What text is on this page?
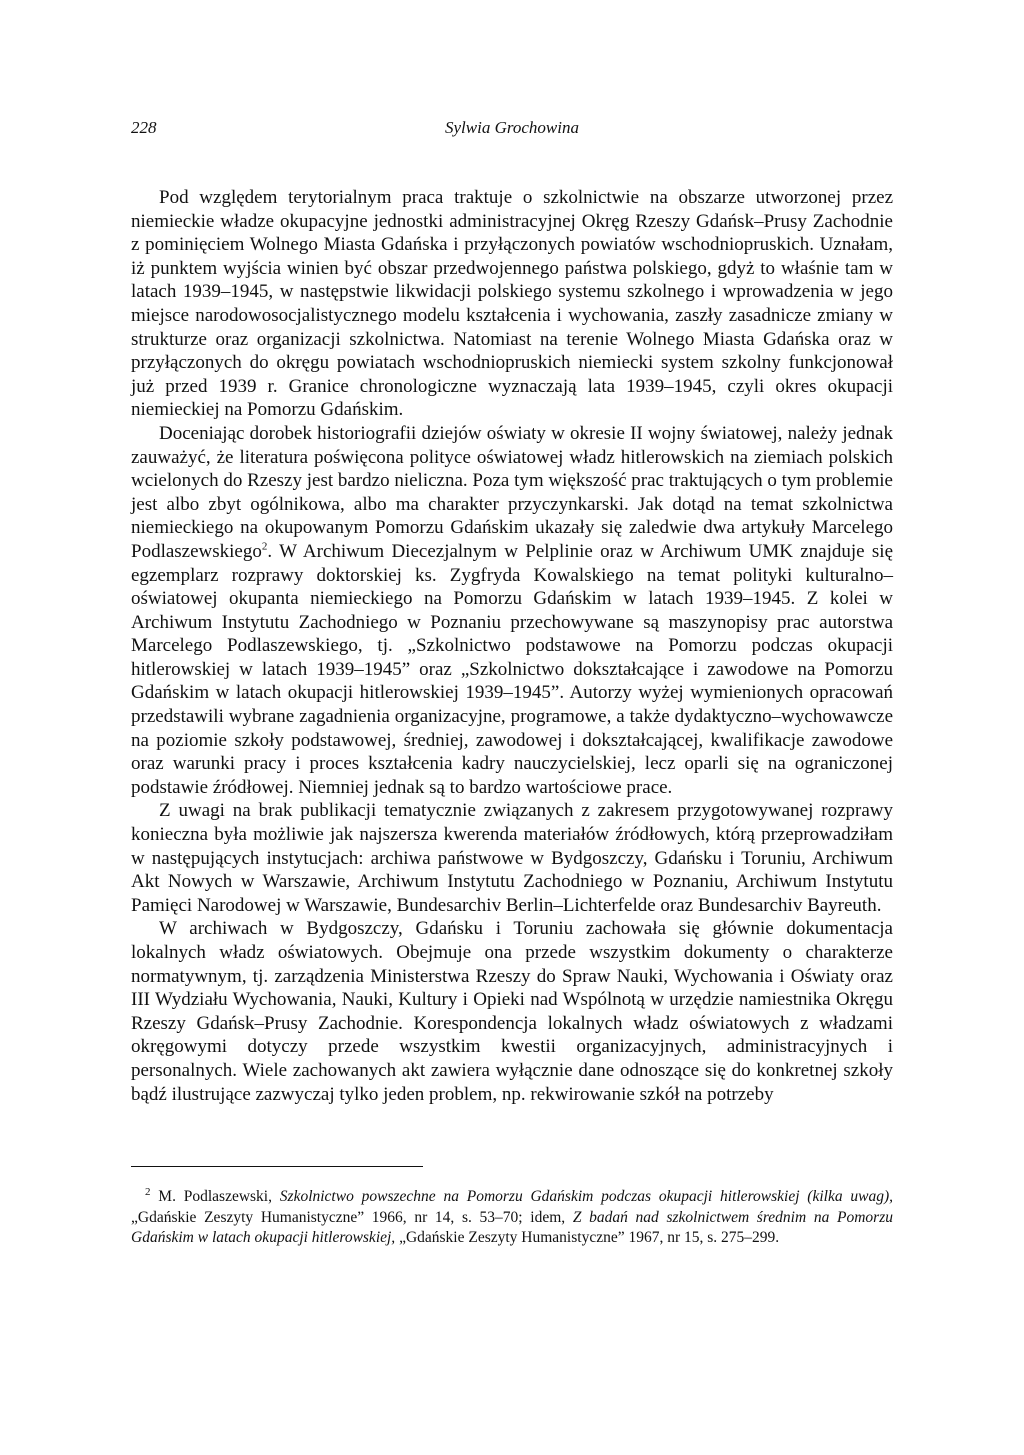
228	Sylwia Grochowina

Pod względem terytorialnym praca traktuje o szkolnictwie na obszarze utworzonej przez niemieckie władze okupacyjne jednostki administracyjnej Okręg Rzeszy Gdańsk–Prusy Zachodnie z pominięciem Wolnego Miasta Gdańska i przyłączonych powiatów wschodniopruskich. Uznałam, iż punktem wyjścia winien być obszar przedwojennego państwa polskiego, gdyż to właśnie tam w latach 1939–1945, w następstwie likwidacji polskiego systemu szkolnego i wprowadzenia w jego miejsce narodowosocjalistycznego modelu kształcenia i wychowania, zaszły zasadnicze zmiany w strukturze oraz organizacji szkolnictwa. Natomiast na terenie Wolnego Miasta Gdańska oraz w przyłączonych do okręgu powiatach wschodniopruskich niemiecki system szkolny funkcjonował już przed 1939 r. Granice chronologiczne wyznaczają lata 1939–1945, czyli okres okupacji niemieckiej na Pomorzu Gdańskim.

Doceniając dorobek historiografii dziejów oświaty w okresie II wojny światowej, należy jednak zauważyć, że literatura poświęcona polityce oświatowej władz hitlerowskich na ziemiach polskich wcielonych do Rzeszy jest bardzo nieliczna. Poza tym większość prac traktujących o tym problemie jest albo zbyt ogólnikowa, albo ma charakter przyczynkarski. Jak dotąd na temat szkolnictwa niemieckiego na okupowanym Pomorzu Gdańskim ukazały się zaledwie dwa artykuły Marcelego Podlaszewskiego$^2$. W Archiwum Diecezjalnym w Pelplinie oraz w Archiwum UMK znajduje się egzemplarz rozprawy doktorskiej ks. Zygfryda Kowalskiego na temat polityki kulturalno–oświatowej okupanta niemieckiego na Pomorzu Gdańskim w latach 1939–1945. Z kolei w Archiwum Instytutu Zachodniego w Poznaniu przechowywane są maszynopisy prac autorstwa Marcelego Podlaszewskiego, tj. „Szkolnictwo podstawowe na Pomorzu podczas okupacji hitlerowskiej w latach 1939–1945” oraz „Szkolnictwo dokształcające i zawodowe na Pomorzu Gdańskim w latach okupacji hitlerowskiej 1939–1945”. Autorzy wyżej wymienionych opracowań przedstawili wybrane zagadnienia organizacyjne, programowe, a także dydaktyczno–wychowawcze na poziomie szkoły podstawowej, średniej, zawodowej i dokształcającej, kwalifikacje zawodowe oraz warunki pracy i proces kształcenia kadry nauczycielskiej, lecz oparli się na ograniczonej podstawie źródłowej. Niemniej jednak są to bardzo wartościowe prace.

Z uwagi na brak publikacji tematycznie związanych z zakresem przygotowywanej rozprawy konieczna była możliwie jak najszersza kwerenda materiałów źródłowych, którą przeprowadziłam w następujących instytucjach: archiwa państwowe w Bydgoszczy, Gdańsku i Toruniu, Archiwum Akt Nowych w Warszawie, Archiwum Instytutu Zachodniego w Poznaniu, Archiwum Instytutu Pamięci Narodowej w Warszawie, Bundesarchiv Berlin–Lichterfelde oraz Bundesarchiv Bayreuth.

W archiwach w Bydgoszczy, Gdańsku i Toruniu zachowała się głównie dokumentacja lokalnych władz oświatowych. Obejmuje ona przede wszystkim dokumenty o charakterze normatywnym, tj. zarządzenia Ministerstwa Rzeszy do Spraw Nauki, Wychowania i Oświaty oraz III Wydziału Wychowania, Nauki, Kultury i Opieki nad Wspólnotą w urzędzie namiestnika Okręgu Rzeszy Gdańsk–Prusy Zachodnie. Korespondencja lokalnych władz oświatowych z władzami okręgowymi dotyczy przede wszystkim kwestii organizacyjnych, administracyjnych i personalnych. Wiele zachowanych akt zawiera wyłącznie dane odnoszące się do konkretnej szkoły bądź ilustrujące zazwyczaj tylko jeden problem, np. rekwirowanie szkół na potrzeby

$^2$ M. Podlaszewski, Szkolnictwo powszechne na Pomorzu Gdańskim podczas okupacji hitlerowskiej (kilka uwag), „Gdańskie Zeszyty Humanistyczne” 1966, nr 14, s. 53–70; idem, Z badań nad szkolnictwem średnim na Pomorzu Gdańskim w latach okupacji hitlerowskiej, „Gdańskie Zeszyty Humanistyczne” 1967, nr 15, s. 275–299.
